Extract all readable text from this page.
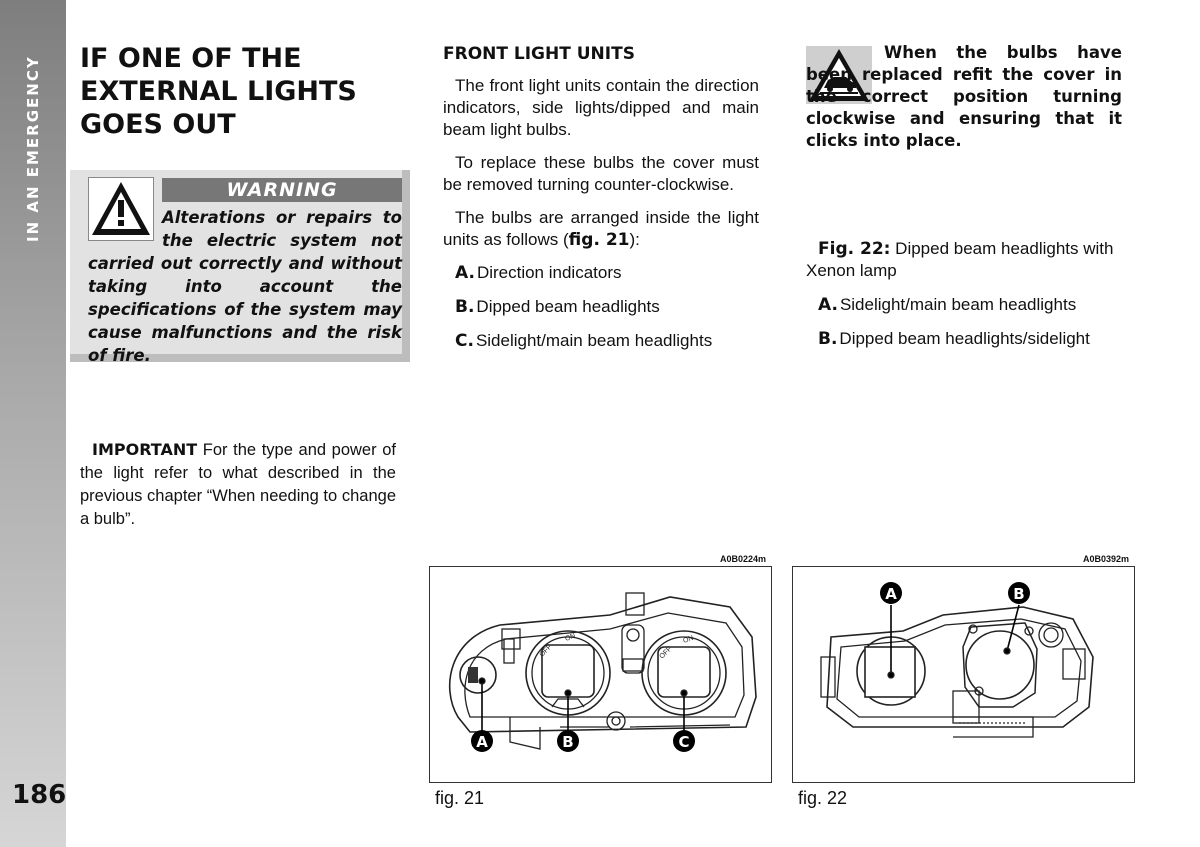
IN AN EMERGENCY
186
IF ONE OF THE
EXTERNAL LIGHTS
GOES OUT
WARNING

Alterations or repairs to the electric system not carried out correctly and without taking into account the specifications of the system may cause malfunctions and the risk of fire.

IMPORTANT For the type and power of the light refer to what described in the previous chapter “When needing to change a bulb”.

FRONT LIGHT UNITS

The front light units contain the direction indicators, side lights/dipped and main beam light bulbs.

To replace these bulbs the cover must be removed turning counter-clockwise.

The bulbs are arranged inside the light units as follows (fig. 21):

A. Direction indicators
B. Dipped beam headlights
C. Sidelight/main beam headlights

When the bulbs have been replaced refit the cover in the correct position turning clockwise and ensuring that it clicks into place.

Fig. 22: Dipped beam headlights with Xenon lamp

A. Sidelight/main beam headlights
B. Dipped beam headlights/sidelight
A0B0224m
OFF
ON
OFF
ON
A	B	C
fig. 21
A0B0392m
A	B
fig. 22
